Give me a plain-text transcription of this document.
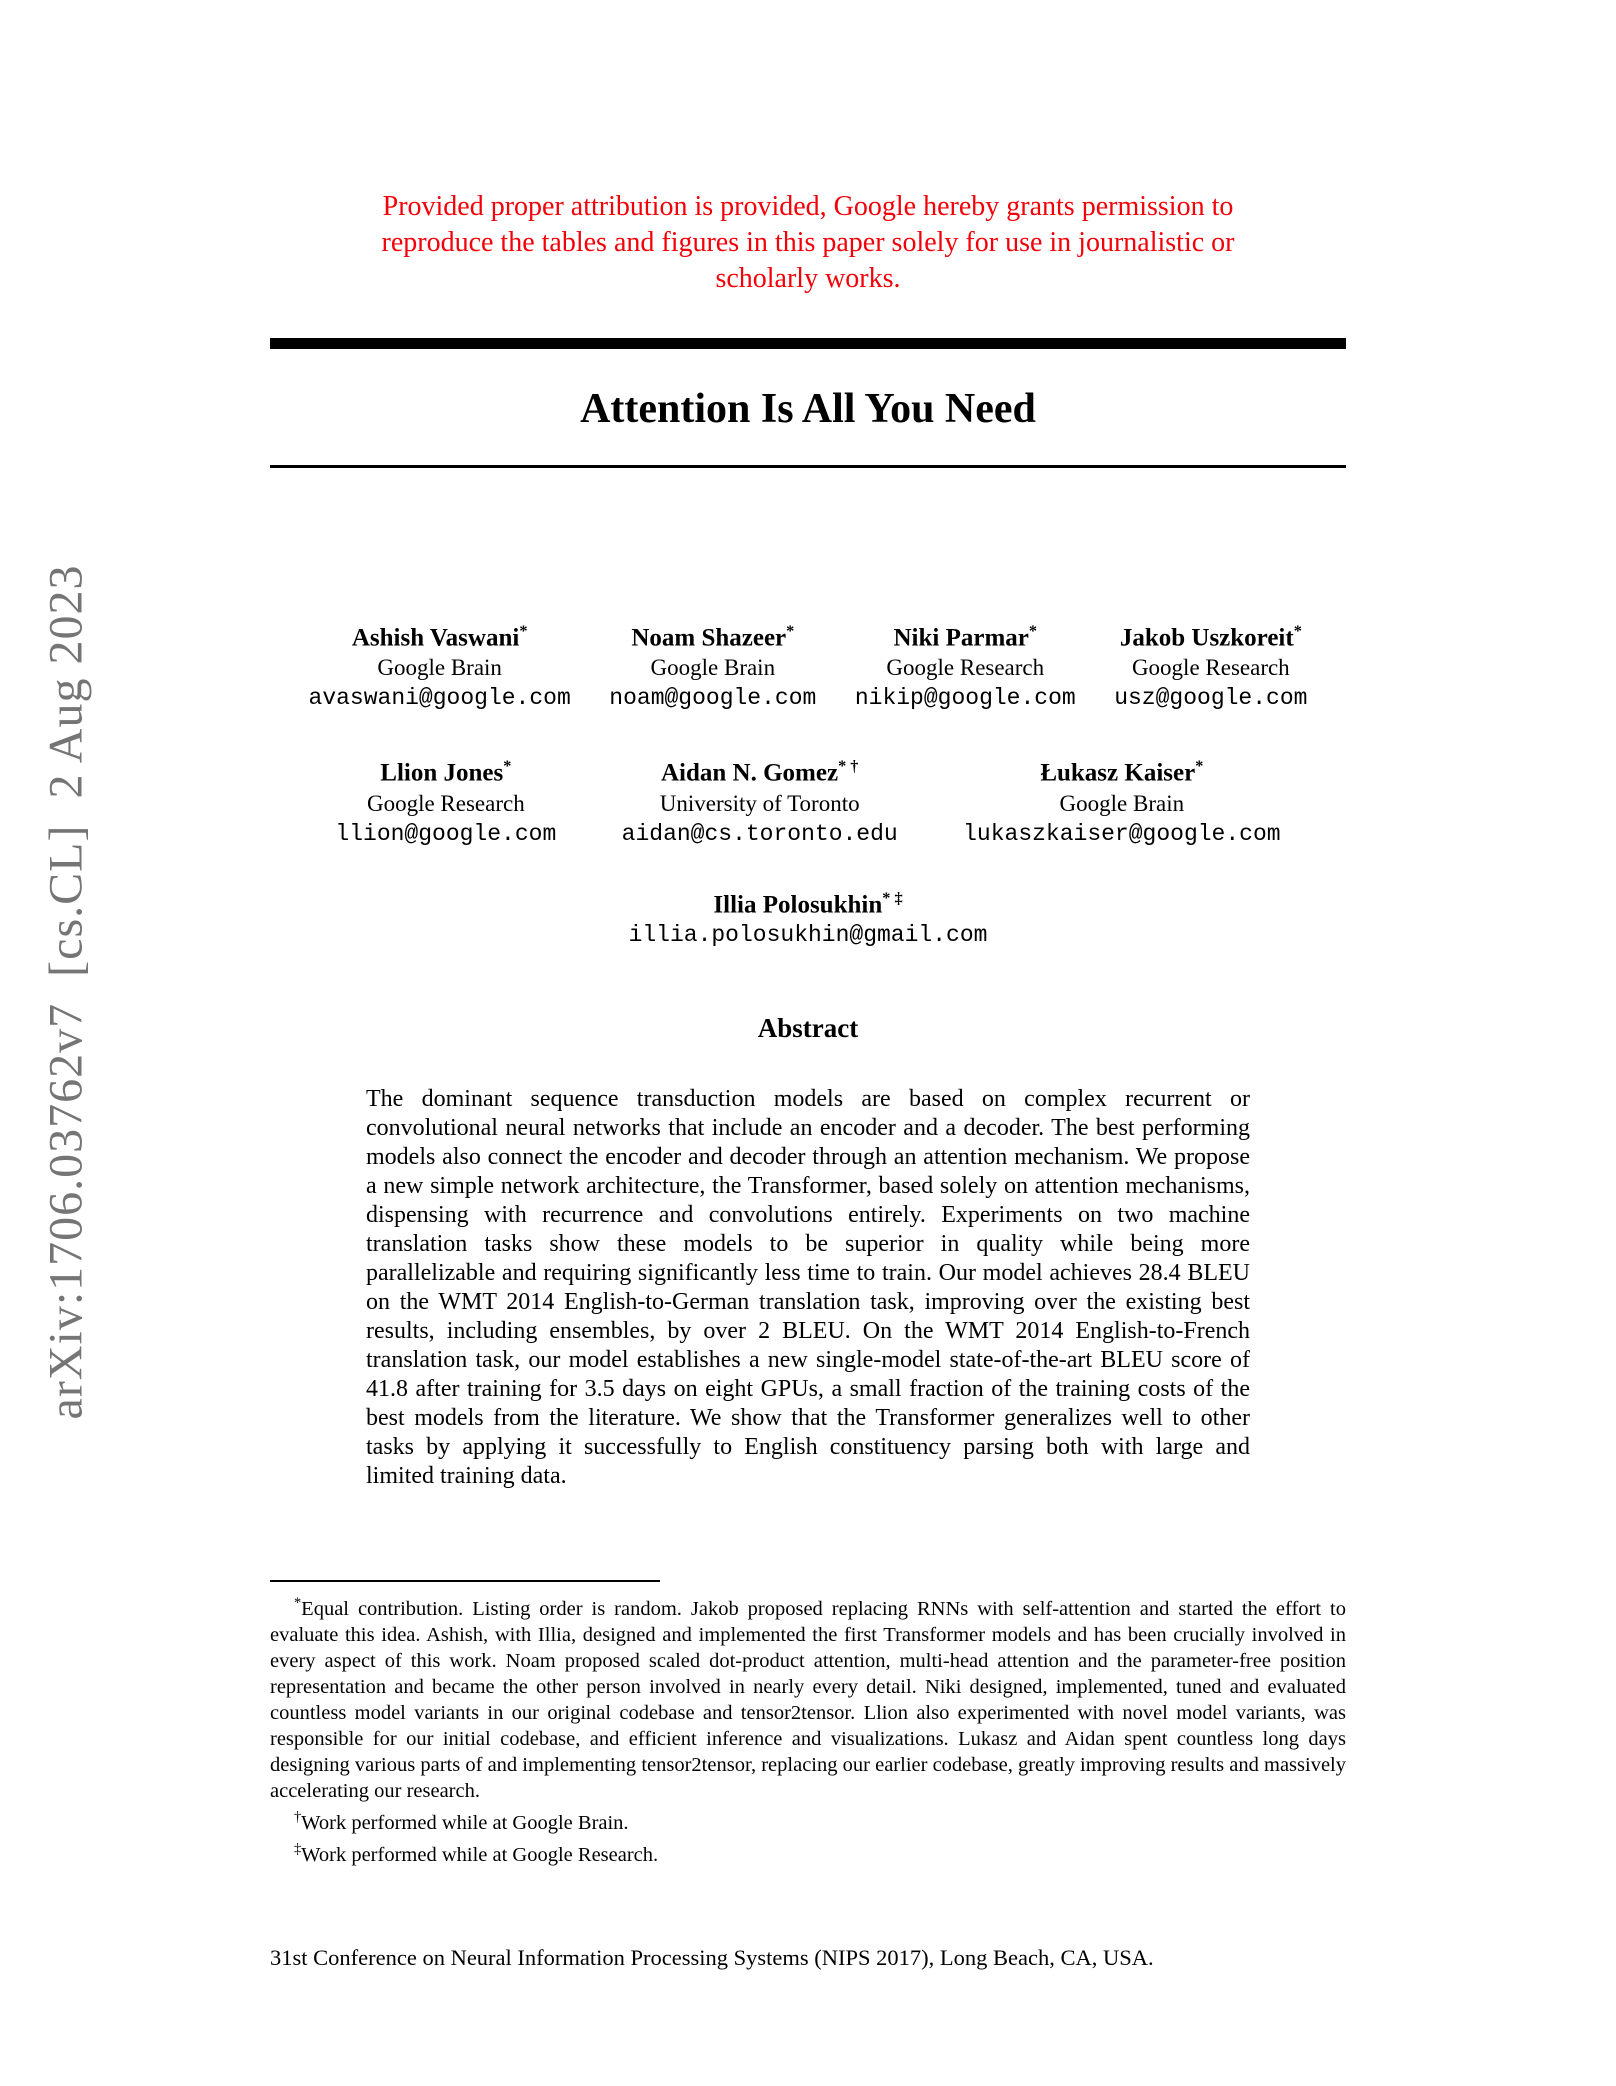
arXiv:1706.03762v7  [cs.CL]  2 Aug 2023
Provided proper attribution is provided, Google hereby grants permission to
reproduce the tables and figures in this paper solely for use in journalistic or
scholarly works.
Attention Is All You Need
Ashish Vaswani*
Google Brain
avaswani@google.com
Noam Shazeer*
Google Brain
noam@google.com
Niki Parmar*
Google Research
nikip@google.com
Jakob Uszkoreit*
Google Research
usz@google.com
Llion Jones*
Google Research
llion@google.com
Aidan N. Gomez* †
University of Toronto
aidan@cs.toronto.edu
Łukasz Kaiser*
Google Brain
lukaszkaiser@google.com
Illia Polosukhin* ‡
illia.polosukhin@gmail.com
Abstract

The dominant sequence transduction models are based on complex recurrent or convolutional neural networks that include an encoder and a decoder. The best performing models also connect the encoder and decoder through an attention mechanism. We propose a new simple network architecture, the Transformer, based solely on attention mechanisms, dispensing with recurrence and convolutions entirely. Experiments on two machine translation tasks show these models to be superior in quality while being more parallelizable and requiring significantly less time to train. Our model achieves 28.4 BLEU on the WMT 2014 English-to-German translation task, improving over the existing best results, including ensembles, by over 2 BLEU. On the WMT 2014 English-to-French translation task, our model establishes a new single-model state-of-the-art BLEU score of 41.8 after training for 3.5 days on eight GPUs, a small fraction of the training costs of the best models from the literature. We show that the Transformer generalizes well to other tasks by applying it successfully to English constituency parsing both with large and limited training data.

*Equal contribution. Listing order is random. Jakob proposed replacing RNNs with self-attention and started the effort to evaluate this idea. Ashish, with Illia, designed and implemented the first Transformer models and has been crucially involved in every aspect of this work. Noam proposed scaled dot-product attention, multi-head attention and the parameter-free position representation and became the other person involved in nearly every detail. Niki designed, implemented, tuned and evaluated countless model variants in our original codebase and tensor2tensor. Llion also experimented with novel model variants, was responsible for our initial codebase, and efficient inference and visualizations. Lukasz and Aidan spent countless long days designing various parts of and implementing tensor2tensor, replacing our earlier codebase, greatly improving results and massively accelerating our research.

†Work performed while at Google Brain.

‡Work performed while at Google Research.

31st Conference on Neural Information Processing Systems (NIPS 2017), Long Beach, CA, USA.
